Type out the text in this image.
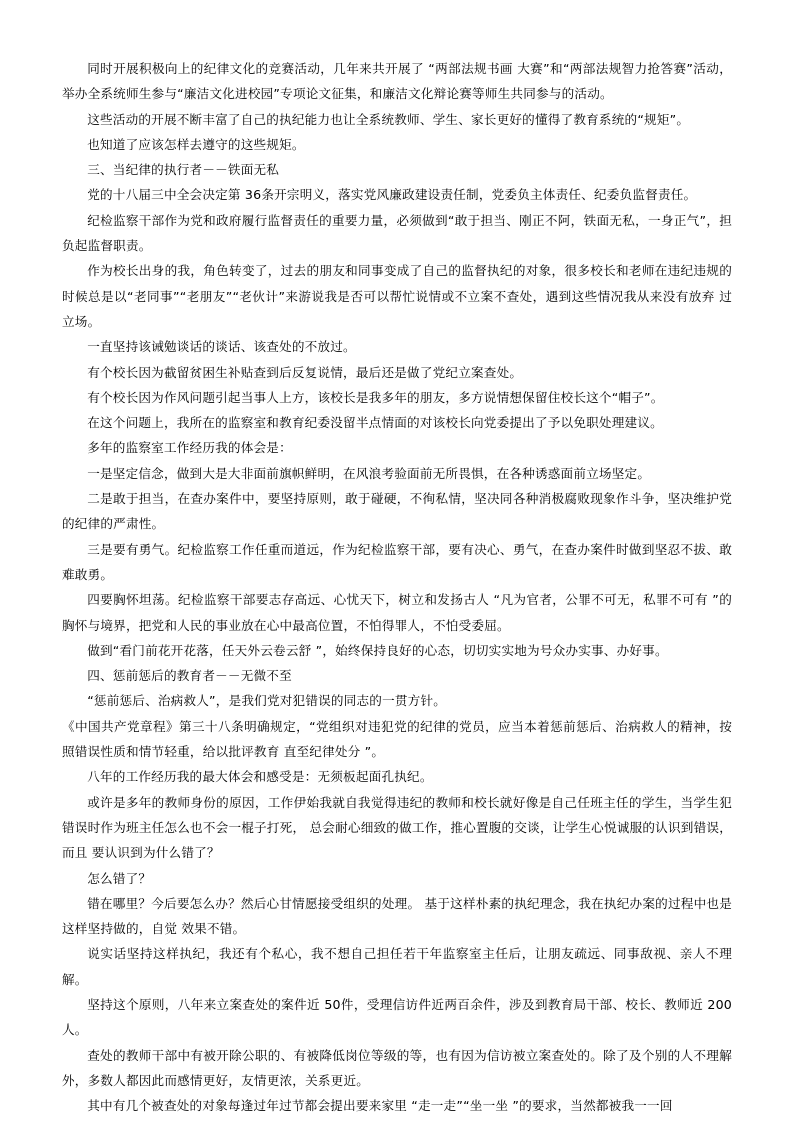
同时开展积极向上的纪律文化的竞赛活动，几年来共开展了 “两部法规书画 大赛”和“两部法规智力抢答赛”活动，举办全系统师生参与“廉洁文化进校园”专项论文征集，和廉洁文化辩论赛等师生共同参与的活动。

这些活动的开展不断丰富了自己的执纪能力也让全系统教师、学生、家长更好的懂得了教育系统的“规矩”。

也知道了应该怎样去遵守的这些规矩。

三、当纪律的执行者－－铁面无私

党的十八届三中全会决定第 36条开宗明义，落实党风廉政建设责任制，党委负主体责任、纪委负监督责任。

纪检监察干部作为党和政府履行监督责任的重要力量，必须做到“敢于担当、刚正不阿，铁面无私，一身正气”，担负起监督职责。

作为校长出身的我，角色转变了，过去的朋友和同事变成了自己的监督执纪的对象，很多校长和老师在违纪违规的时候总是以“老同事”“老朋友”“老伙计”来游说我是否可以帮忙说情或不立案不查处，遇到这些情况我从来没有放弃 过立场。

一直坚持该诫勉谈话的谈话、该查处的不放过。

有个校长因为截留贫困生补贴查到后反复说情，最后还是做了党纪立案查处。

有个校长因为作风问题引起当事人上方，该校长是我多年的朋友，多方说情想保留住校长这个“帽子”。

在这个问题上，我所在的监察室和教育纪委没留半点情面的对该校长向党委提出了予以免职处理建议。

多年的监察室工作经历我的体会是：

一是坚定信念，做到大是大非面前旗帜鲜明，在风浪考验面前无所畏惧，在各种诱惑面前立场坚定。

二是敢于担当，在查办案件中，要坚持原则，敢于碰硬，不徇私情，坚决同各种消极腐败现象作斗争，坚决维护党的纪律的严肃性。

三是要有勇气。纪检监察工作任重而道远，作为纪检监察干部，要有决心、勇气，在查办案件时做到坚忍不拔、敢难敢勇。

四要胸怀坦荡。纪检监察干部要志存高远、心忧天下，树立和发扬古人 “凡为官者，公罪不可无，私罪不可有 ”的胸怀与境界，把党和人民的事业放在心中最高位置，不怕得罪人，不怕受委屈。

做到“看门前花开花落，任天外云卷云舒 ”，始终保持良好的心态，切切实实地为号众办实事、办好事。

四、惩前惩后的教育者－－无微不至

“惩前惩后、治病救人”，是我们党对犯错误的同志的一贯方针。

《中国共产党章程》第三十八条明确规定，“党组织对违犯党的纪律的党员，应当本着惩前惩后、治病救人的精神，按照错误性质和情节轻重，给以批评教育 直至纪律处分 ”。

八年的工作经历我的最大体会和感受是：无须板起面孔执纪。

或许是多年的教师身份的原因，工作伊始我就自我觉得违纪的教师和校长就好像是自己任班主任的学生，当学生犯错误时作为班主任怎么也不会一棍子打死， 总会耐心细致的做工作，推心置腹的交谈，让学生心悦诚服的认识到错误，而且 要认识到为什么错了？

怎么错了？

错在哪里？今后要怎么办？然后心甘情愿接受组织的处理。 基于这样朴素的执纪理念，我在执纪办案的过程中也是这样坚持做的，自觉 效果不错。

说实话坚持这样执纪，我还有个私心，我不想自己担任若干年监察室主任后，让朋友疏远、同事敌视、亲人不理解。

坚持这个原则，八年来立案查处的案件近 50件，受理信访件近两百余件，涉及到教育局干部、校长、教师近 200人。

查处的教师干部中有被开除公职的、有被降低岗位等级的等，也有因为信访被立案查处的。除了及个别的人不理解外，多数人都因此而感情更好，友情更浓，关系更近。

其中有几个被查处的对象每逢过年过节都会提出要来家里 “走一走”“坐一坐 ”的要求，当然都被我一一回
